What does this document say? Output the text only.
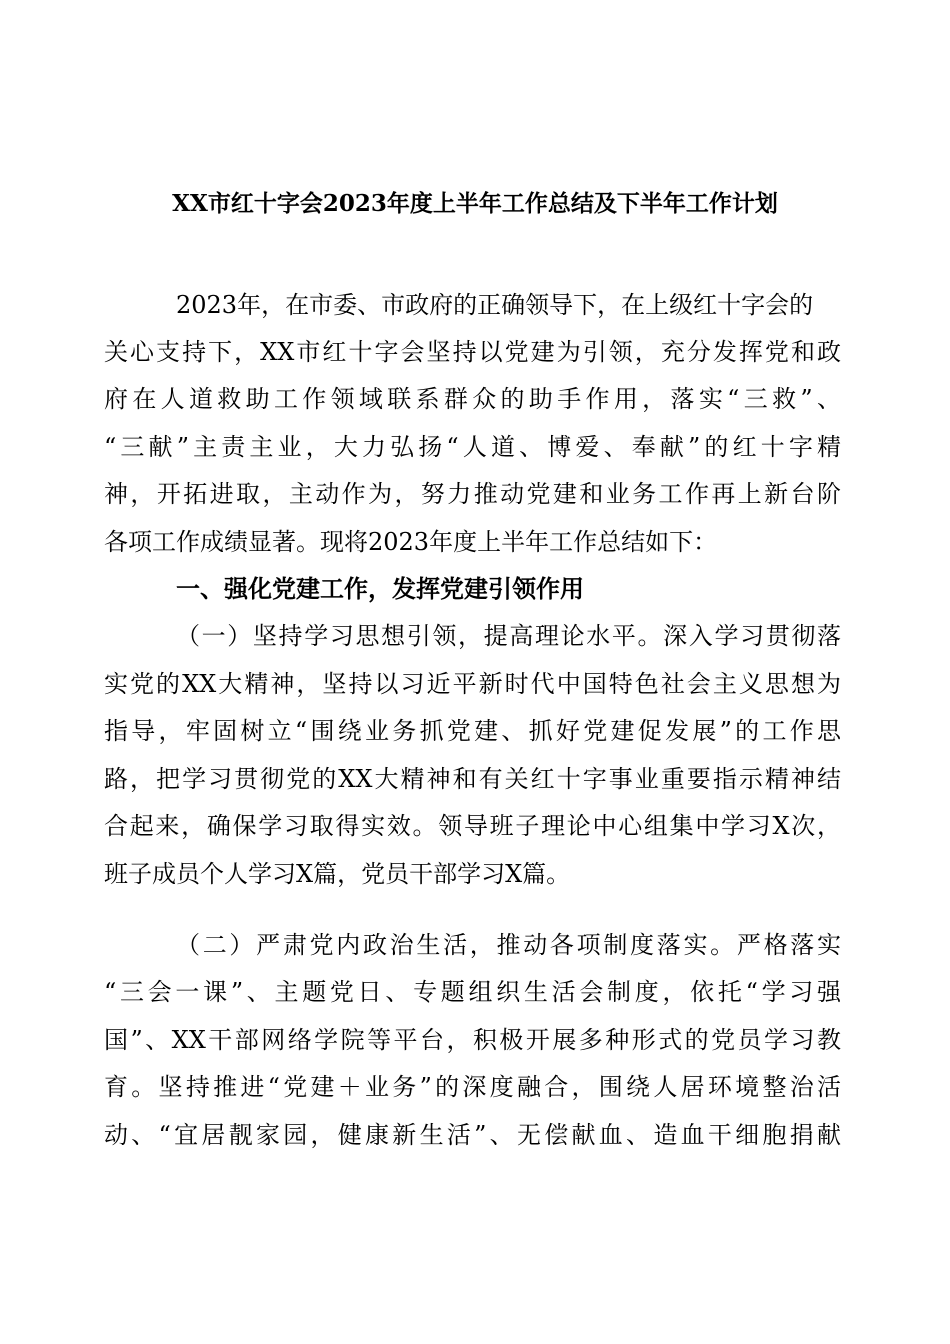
XX市红十字会2023年度上半年工作总结及下半年工作计划

2023年，在市委、市政府的正确领导下，在上级红十字会的

关心支持下，XX市红十字会坚持以党建为引领，充分发挥党和政

府在人道救助工作领域联系群众的助手作用，落实“三救”、

“三献”主责主业，大力弘扬“人道、博爱、奉献”的红十字精

神，开拓进取，主动作为，努力推动党建和业务工作再上新台阶

各项工作成绩显著。现将2023年度上半年工作总结如下：

一、强化党建工作，发挥党建引领作用

（一）坚持学习思想引领，提高理论水平。深入学习贯彻落

实党的XX大精神，坚持以习近平新时代中国特色社会主义思想为

指导，牢固树立“围绕业务抓党建、抓好党建促发展”的工作思

路，把学习贯彻党的XX大精神和有关红十字事业重要指示精神结

合起来，确保学习取得实效。领导班子理论中心组集中学习X次，

班子成员个人学习X篇，党员干部学习X篇。

（二）严肃党内政治生活，推动各项制度落实。严格落实

“三会一课”、主题党日、专题组织生活会制度，依托“学习强

国”、XX干部网络学院等平台，积极开展多种形式的党员学习教

育。坚持推进“党建＋业务”的深度融合，围绕人居环境整治活

动、“宜居靓家园，健康新生活”、无偿献血、造血干细胞捐献
